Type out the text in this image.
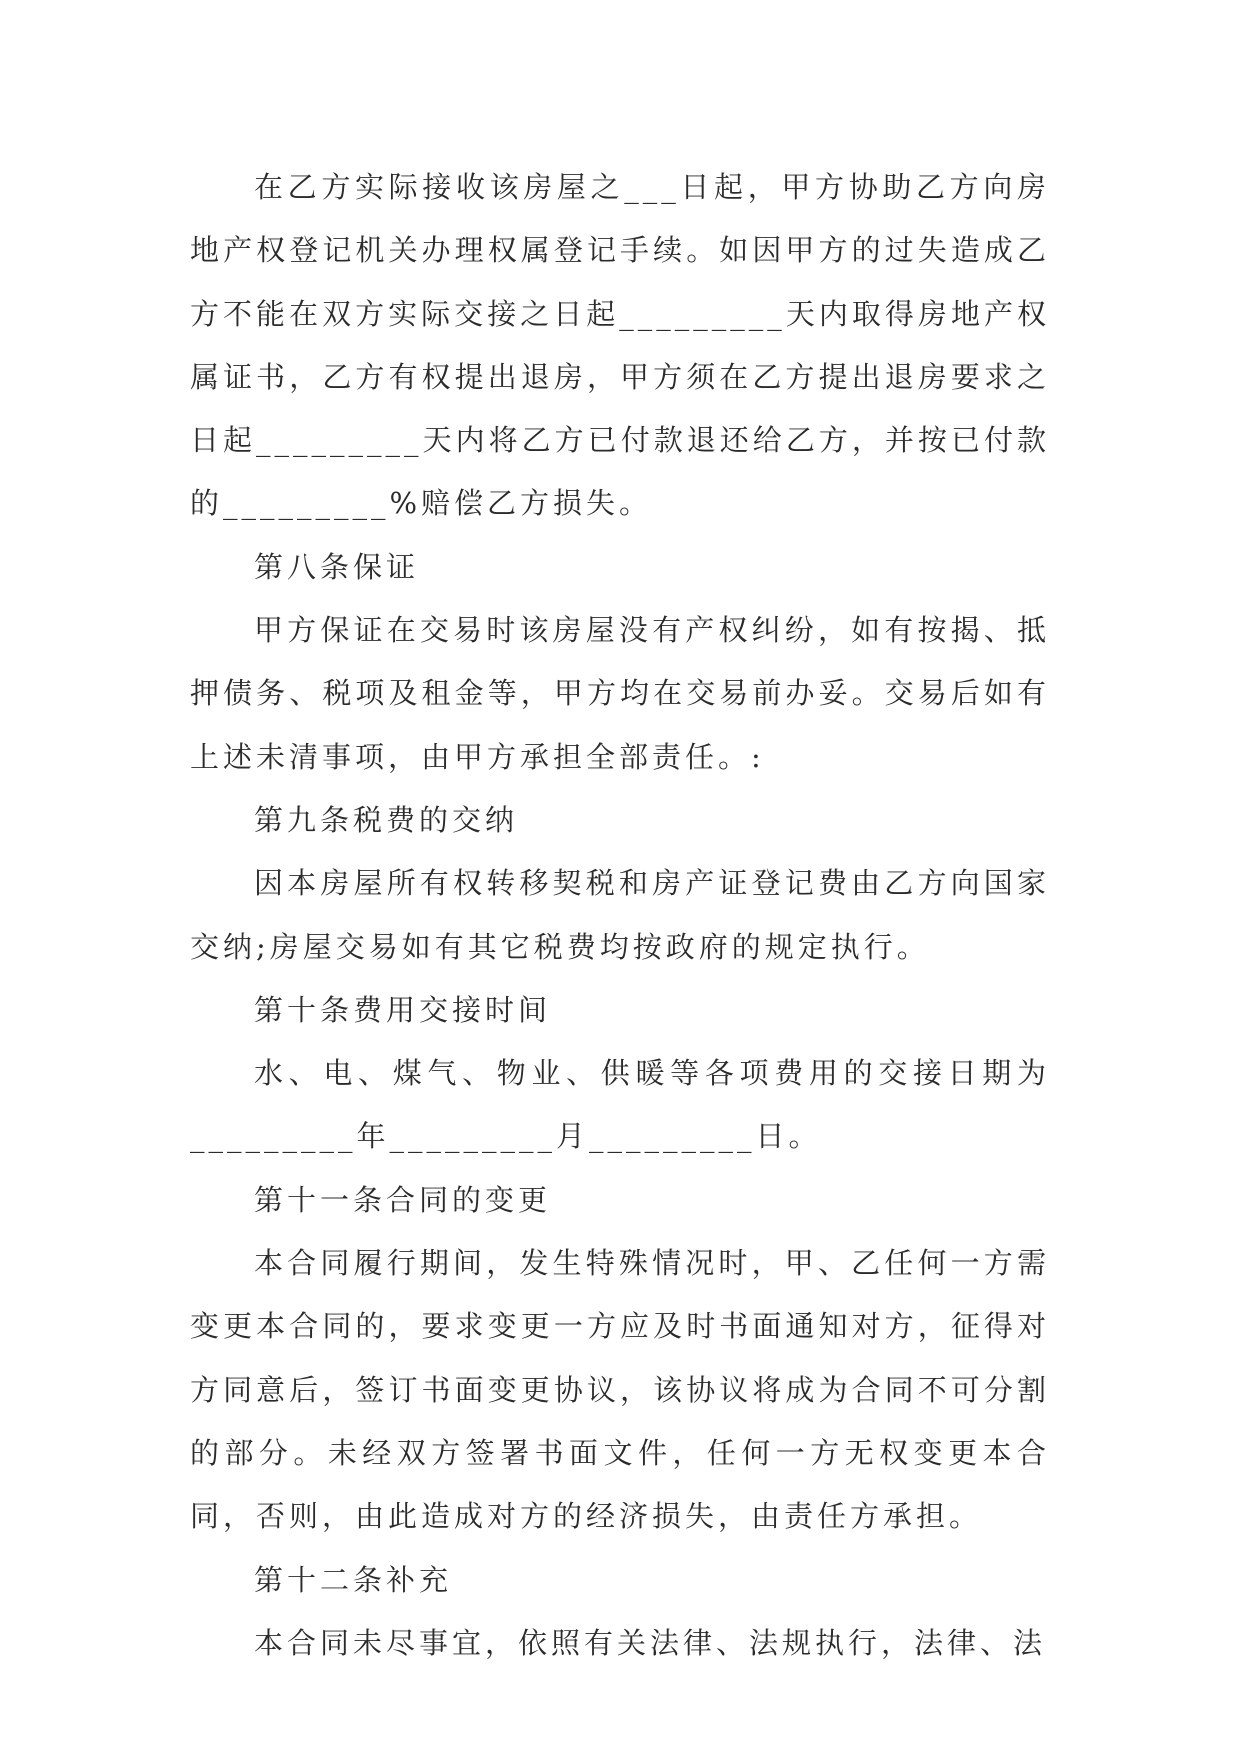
在乙方实际接收该房屋之___日起，甲方协助乙方向房地产权登记机关办理权属登记手续。如因甲方的过失造成乙方不能在双方实际交接之日起_________天内取得房地产权属证书，乙方有权提出退房，甲方须在乙方提出退房要求之日起_________天内将乙方已付款退还给乙方，并按已付款的_________%赔偿乙方损失。

第八条保证

甲方保证在交易时该房屋没有产权纠纷，如有按揭、抵押债务、税项及租金等，甲方均在交易前办妥。交易后如有上述未清事项，由甲方承担全部责任。:

第九条税费的交纳

因本房屋所有权转移契税和房产证登记费由乙方向国家交纳;房屋交易如有其它税费均按政府的规定执行。

第十条费用交接时间

水、电、煤气、物业、供暖等各项费用的交接日期为_________年_________月_________日。

第十一条合同的变更

本合同履行期间，发生特殊情况时，甲、乙任何一方需变更本合同的，要求变更一方应及时书面通知对方，征得对方同意后，签订书面变更协议，该协议将成为合同不可分割的部分。未经双方签署书面文件，任何一方无权变更本合同，否则，由此造成对方的经济损失，由责任方承担。

第十二条补充

本合同未尽事宜，依照有关法律、法规执行，法律、法
